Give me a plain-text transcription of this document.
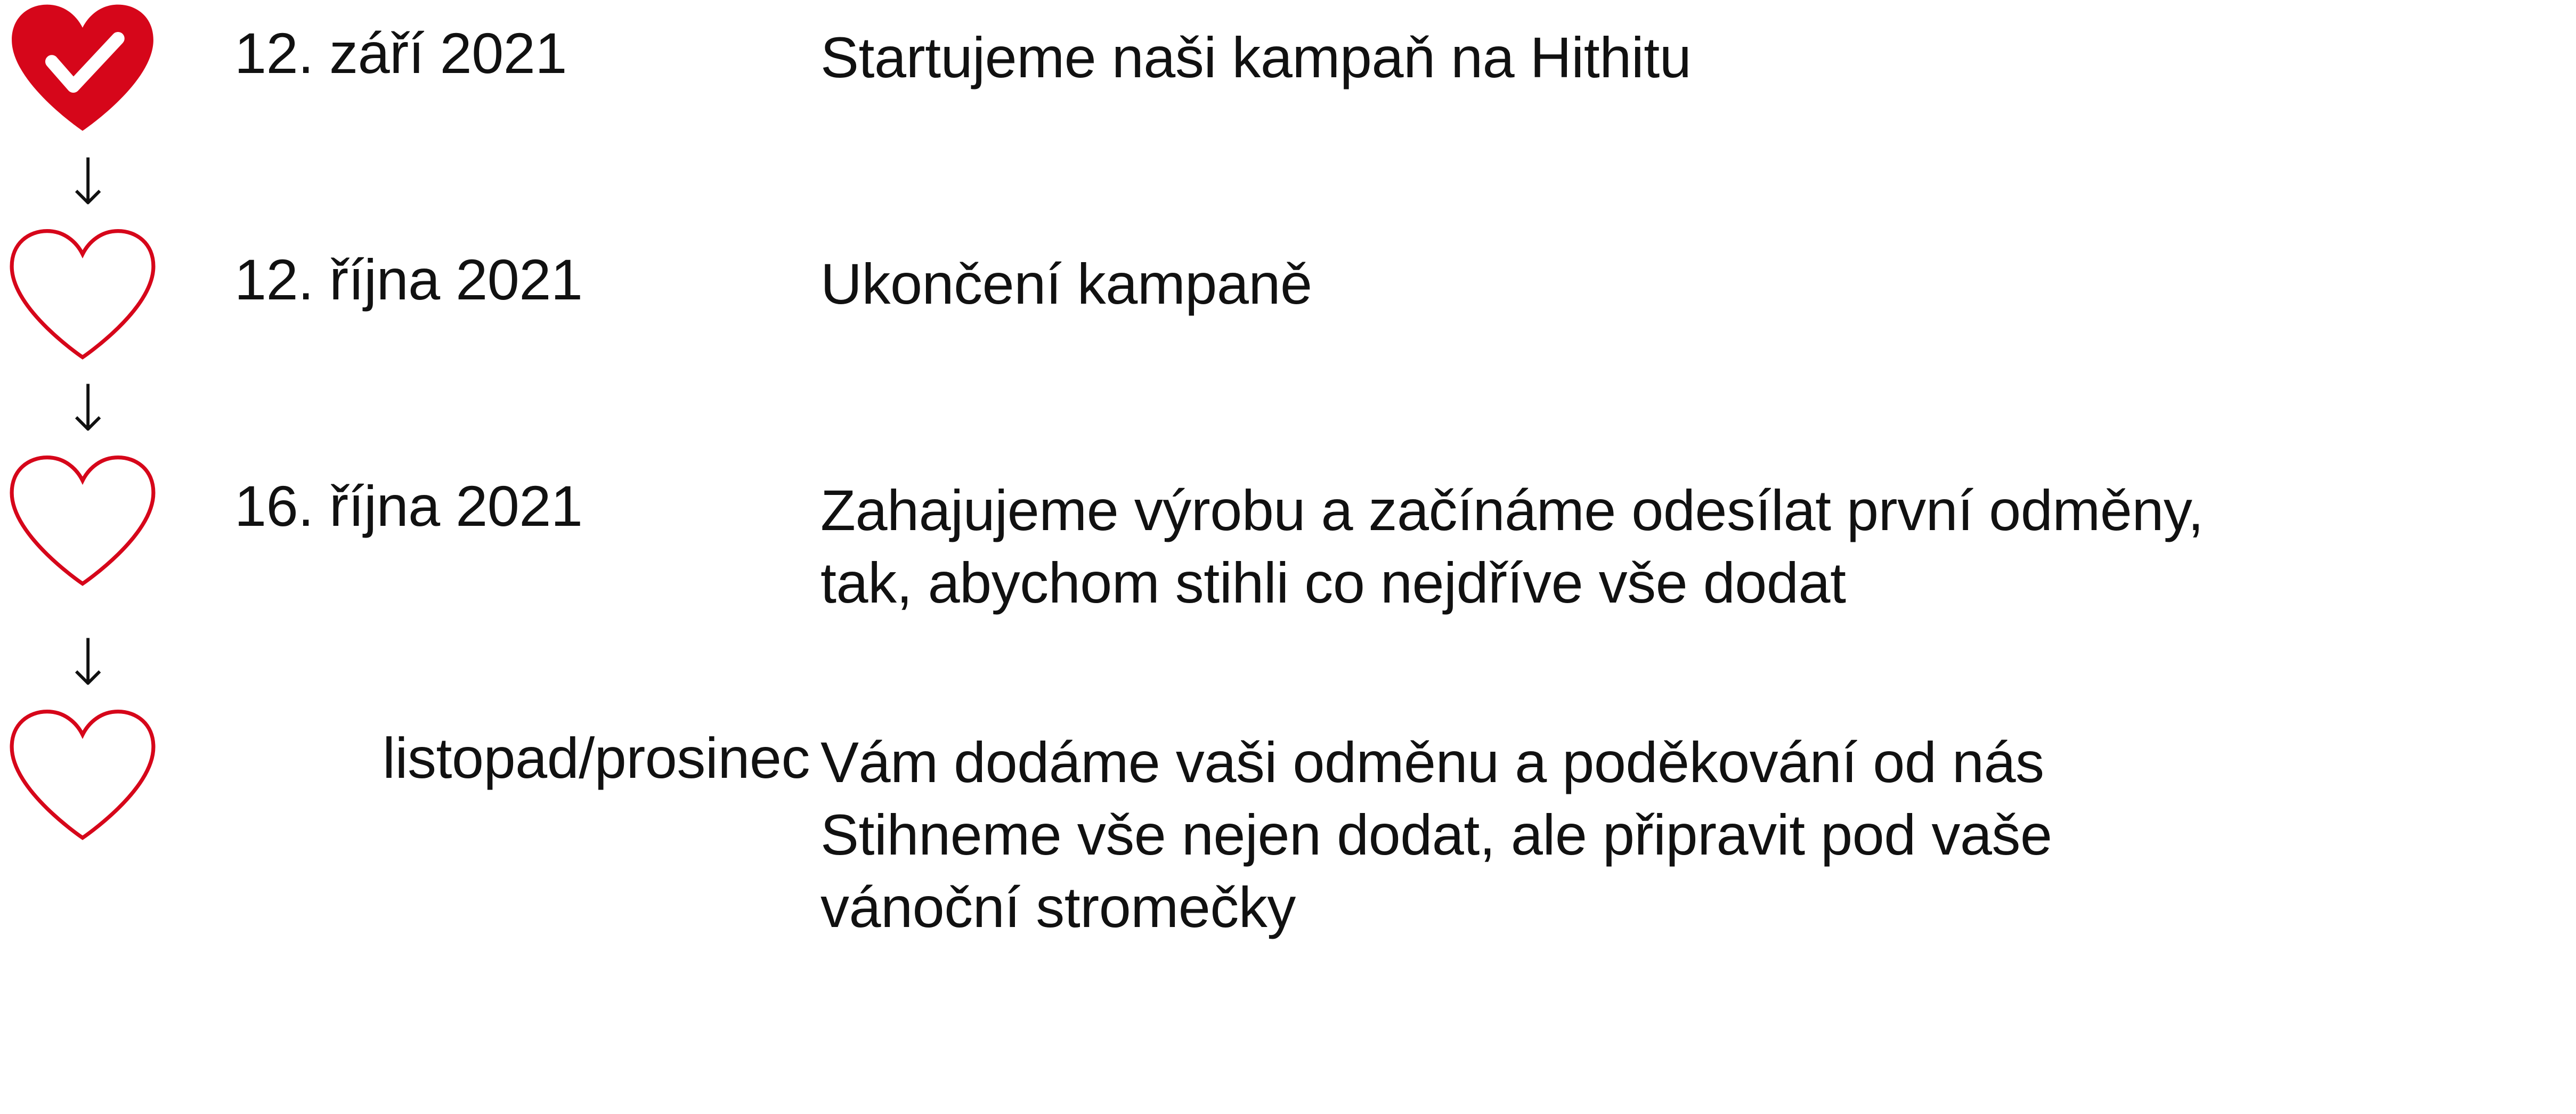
12. září 2021	Startujeme naši kampaň na Hithitu
↓
12. října 2021	Ukončení kampaně
↓
16. října 2021	Zahajujeme výrobu a začínáme odesílat první odměny,
tak, abychom stihli co nejdříve vše dodat
↓
listopad/prosinec Vám dodáme vaši odměnu a poděkování od nás
Stihneme vše nejen dodat, ale připravit pod vaše
vánoční stromečky
